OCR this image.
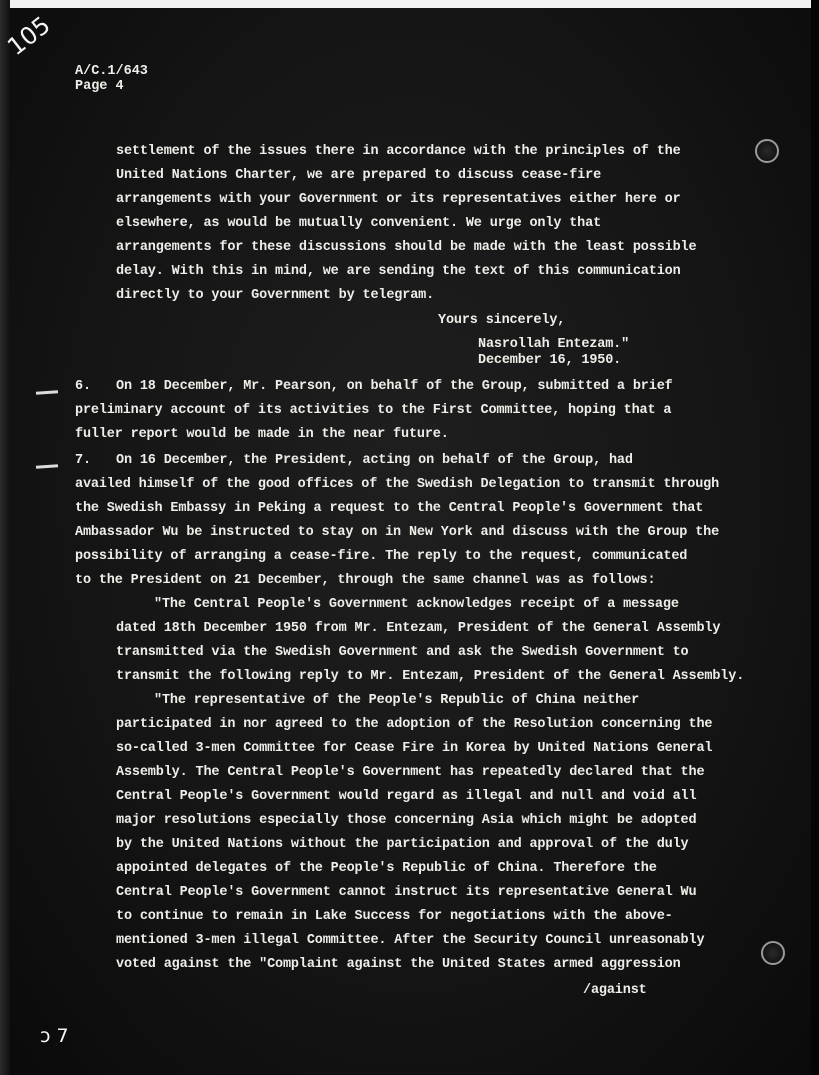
105
ɔ 7
A/C.1/643
Page 4
settlement of the issues there in accordance with the principles of the
United Nations Charter, we are prepared to discuss cease-fire
arrangements with your Government or its representatives either here or
elsewhere, as would be mutually convenient. We urge only that
arrangements for these discussions should be made with the least possible
delay. With this in mind, we are sending the text of this communication
directly to your Government by telegram.
Yours sincerely,
Nasrollah Entezam."
December 16, 1950.
6. On 18 December, Mr. Pearson, on behalf of the Group, submitted a brief
preliminary account of its activities to the First Committee, hoping that a
fuller report would be made in the near future.
7. On 16 December, the President, acting on behalf of the Group, had
availed himself of the good offices of the Swedish Delegation to transmit through
the Swedish Embassy in Peking a request to the Central People's Government that
Ambassador Wu be instructed to stay on in New York and discuss with the Group the
possibility of arranging a cease-fire. The reply to the request, communicated
to the President on 21 December, through the same channel was as follows:
"The Central People's Government acknowledges receipt of a message
dated 18th December 1950 from Mr. Entezam, President of the General Assembly
transmitted via the Swedish Government and ask the Swedish Government to
transmit the following reply to Mr. Entezam, President of the General Assembly.
"The representative of the People's Republic of China neither
participated in nor agreed to the adoption of the Resolution concerning the
so-called 3-men Committee for Cease Fire in Korea by United Nations General
Assembly. The Central People's Government has repeatedly declared that the
Central People's Government would regard as illegal and null and void all
major resolutions especially those concerning Asia which might be adopted
by the United Nations without the participation and approval of the duly
appointed delegates of the People's Republic of China. Therefore the
Central People's Government cannot instruct its representative General Wu
to continue to remain in Lake Success for negotiations with the above-
mentioned 3-men illegal Committee. After the Security Council unreasonably
voted against the "Complaint against the United States armed aggression
/against
